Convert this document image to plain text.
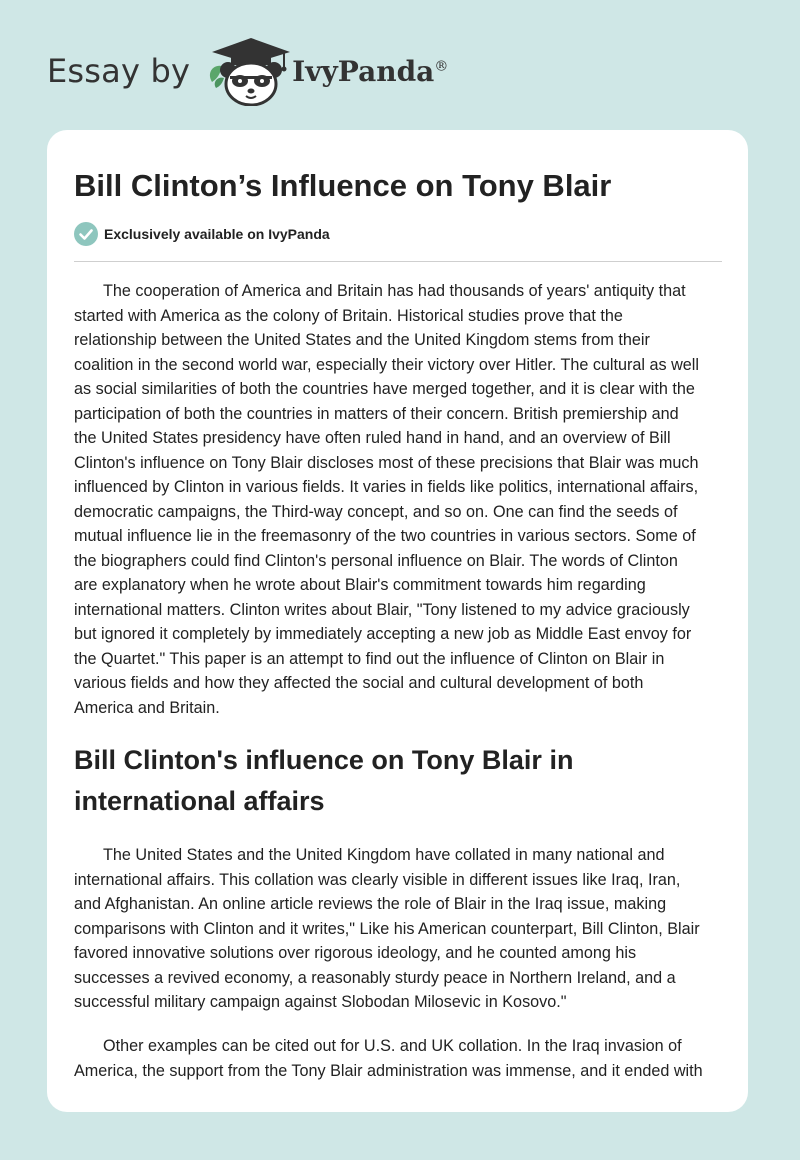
Essay by	IvyPanda®
Bill Clinton’s Influence on Tony Blair
Exclusively available on IvyPanda
The cooperation of America and Britain has had thousands of years' antiquity that
started with America as the colony of Britain. Historical studies prove that the
relationship between the United States and the United Kingdom stems from their
coalition in the second world war, especially their victory over Hitler. The cultural as well
as social similarities of both the countries have merged together, and it is clear with the
participation of both the countries in matters of their concern. British premiership and
the United States presidency have often ruled hand in hand, and an overview of Bill
Clinton's influence on Tony Blair discloses most of these precisions that Blair was much
influenced by Clinton in various fields. It varies in fields like politics, international affairs,
democratic campaigns, the Third-way concept, and so on. One can find the seeds of
mutual influence lie in the freemasonry of the two countries in various sectors. Some of
the biographers could find Clinton's personal influence on Blair. The words of Clinton
are explanatory when he wrote about Blair's commitment towards him regarding
international matters. Clinton writes about Blair, "Tony listened to my advice graciously
but ignored it completely by immediately accepting a new job as Middle East envoy for
the Quartet." This paper is an attempt to find out the influence of Clinton on Blair in
various fields and how they affected the social and cultural development of both
America and Britain.
Bill Clinton's influence on Tony Blair in international affairs
The United States and the United Kingdom have collated in many national and
international affairs. This collation was clearly visible in different issues like Iraq, Iran,
and Afghanistan. An online article reviews the role of Blair in the Iraq issue, making
comparisons with Clinton and it writes," Like his American counterpart, Bill Clinton, Blair
favored innovative solutions over rigorous ideology, and he counted among his
successes a revived economy, a reasonably sturdy peace in Northern Ireland, and a
successful military campaign against Slobodan Milosevic in Kosovo."
Other examples can be cited out for U.S. and UK collation. In the Iraq invasion of
America, the support from the Tony Blair administration was immense, and it ended with
